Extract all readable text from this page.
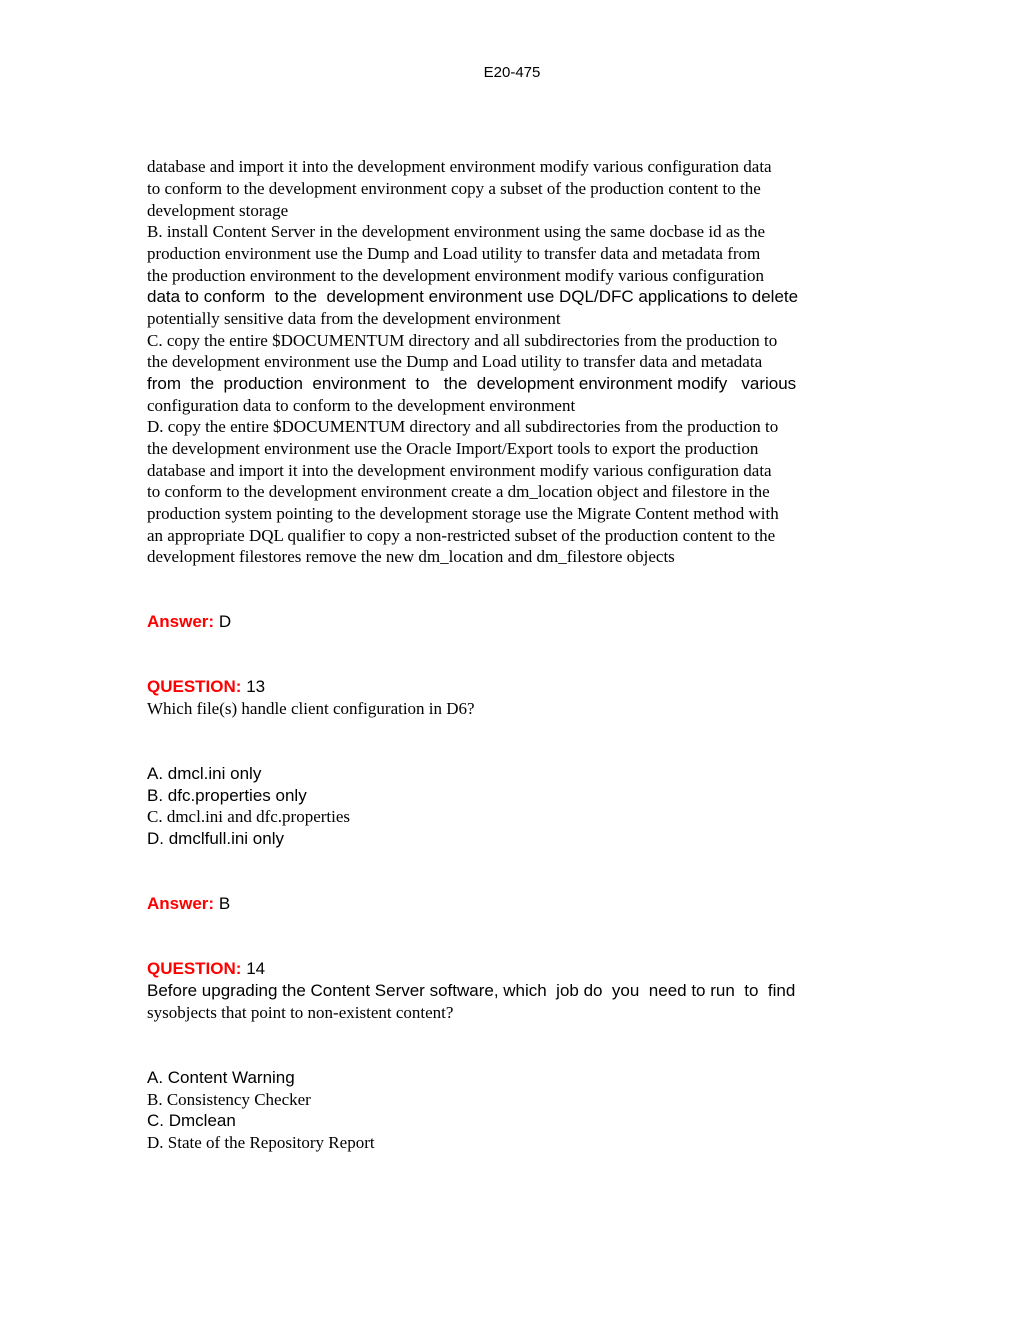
E20-475
database and import it into the development environment modify various configuration data
to conform to the development environment copy a subset of the production content to the
development storage
B. install Content Server in the development environment using the same docbase id as the
production environment use the Dump and Load utility to transfer data and metadata from
the production environment to the development environment modify various configuration
data to conform  to the  development environment use DQL/DFC applications to delete
potentially sensitive data from the development environment
C. copy the entire $DOCUMENTUM directory and all subdirectories from the production to
the development environment use the Dump and Load utility to transfer data and metadata
from  the  production  environment  to   the  development environment modify   various
configuration data to conform to the development environment
D. copy the entire $DOCUMENTUM directory and all subdirectories from the production to
the development environment use the Oracle Import/Export tools to export the production
database and import it into the development environment modify various configuration data
to conform to the development environment create a dm_location object and filestore in the
production system pointing to the development storage use the Migrate Content method with
an appropriate DQL qualifier to copy a non-restricted subset of the production content to the
development filestores remove the new dm_location and dm_filestore objects
Answer: D
QUESTION: 13
Which file(s) handle client configuration in D6?
A. dmcl.ini only
B. dfc.properties only
C. dmcl.ini and dfc.properties
D. dmclfull.ini only
Answer: B
QUESTION: 14
Before upgrading the Content Server software, which  job do  you  need to run  to  find
sysobjects that point to non-existent content?
A. Content Warning
B. Consistency Checker
C. Dmclean
D. State of the Repository Report
